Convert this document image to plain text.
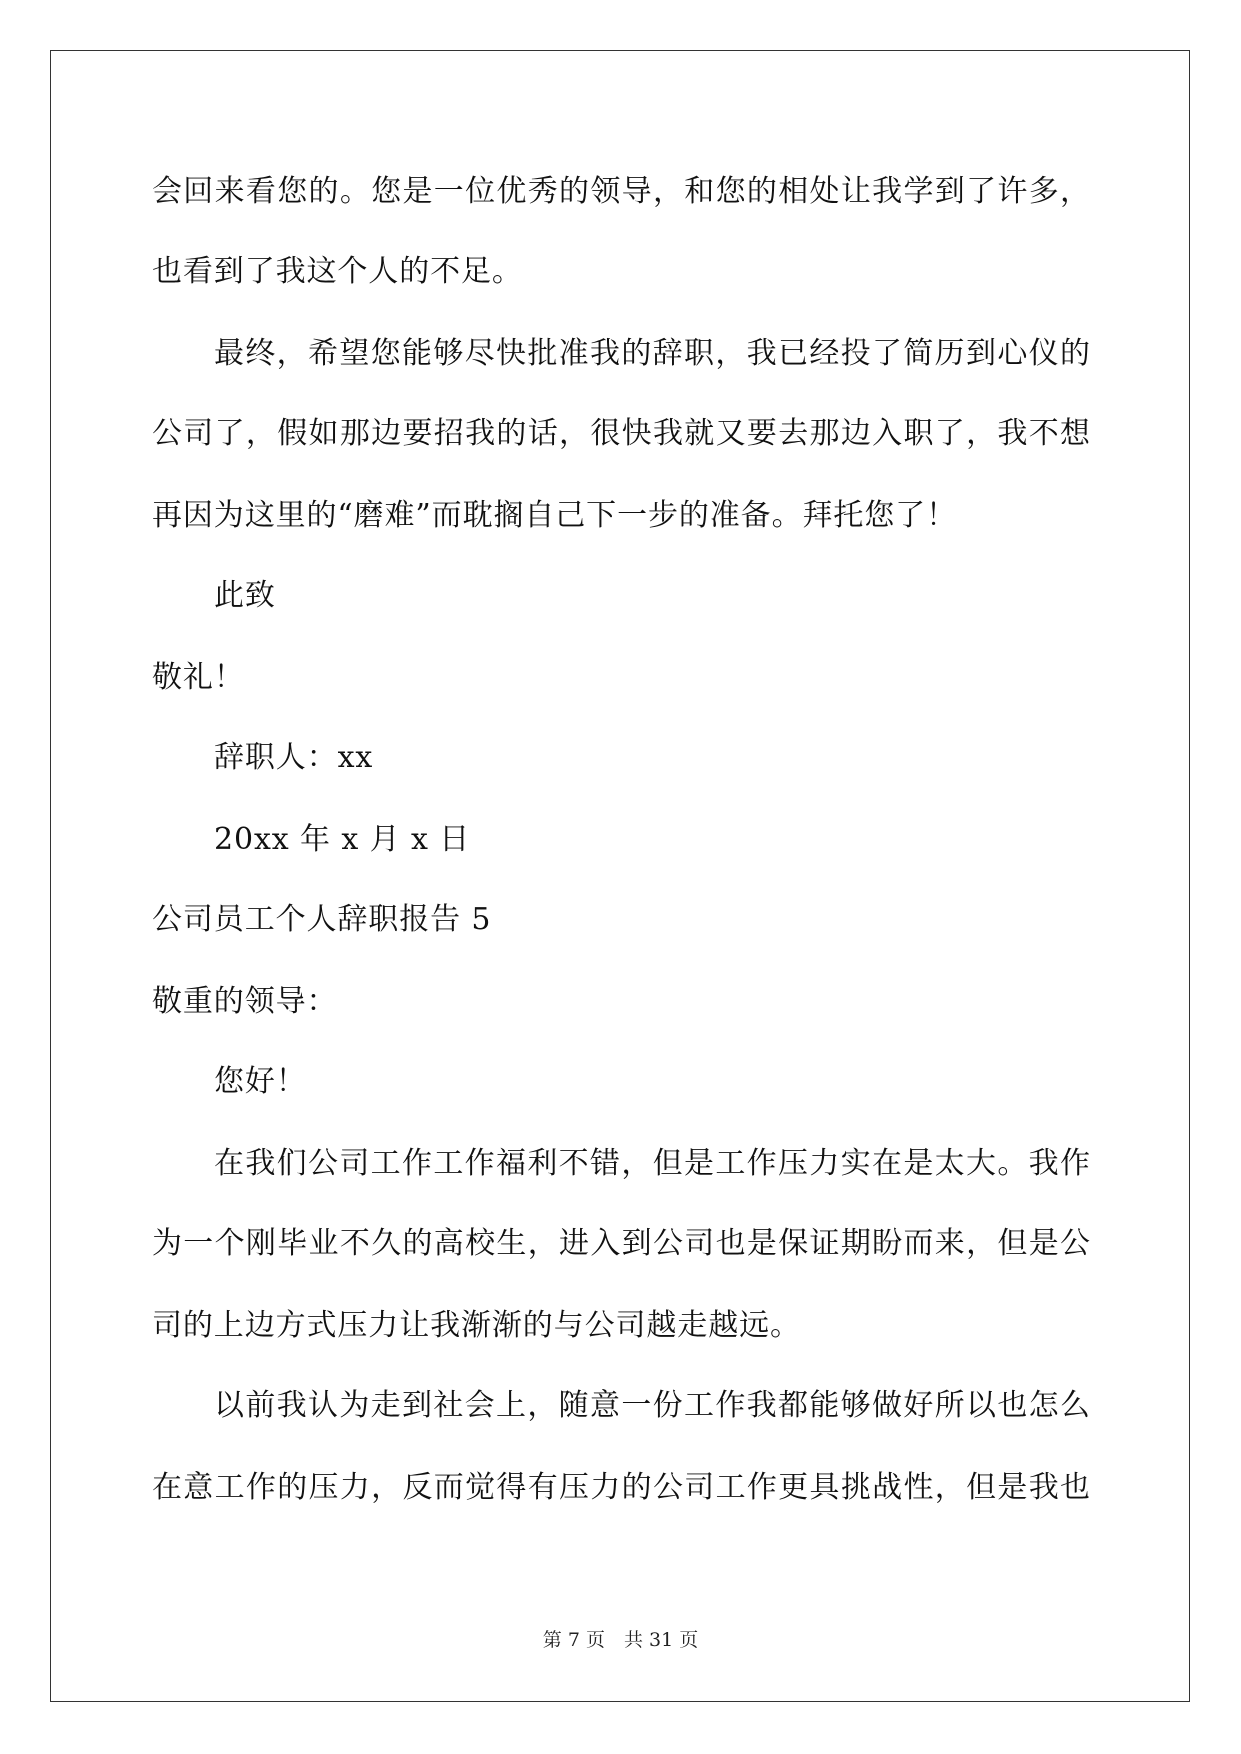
会回来看您的。您是一位优秀的领导，和您的相处让我学到了许多，
也看到了我这个人的不足。
最终，希望您能够尽快批准我的辞职，我已经投了简历到心仪的
公司了，假如那边要招我的话，很快我就又要去那边入职了，我不想
再因为这里的“磨难”而耽搁自己下一步的准备。拜托您了！
此致
敬礼！
辞职人：xx
20xx 年 x 月 x 日
公司员工个人辞职报告 5
敬重的领导：
您好！
在我们公司工作工作福利不错，但是工作压力实在是太大。我作
为一个刚毕业不久的高校生，进入到公司也是保证期盼而来，但是公
司的上边方式压力让我渐渐的与公司越走越远。
以前我认为走到社会上，随意一份工作我都能够做好所以也怎么
在意工作的压力，反而觉得有压力的公司工作更具挑战性，但是我也
第 7 页　共 31 页
